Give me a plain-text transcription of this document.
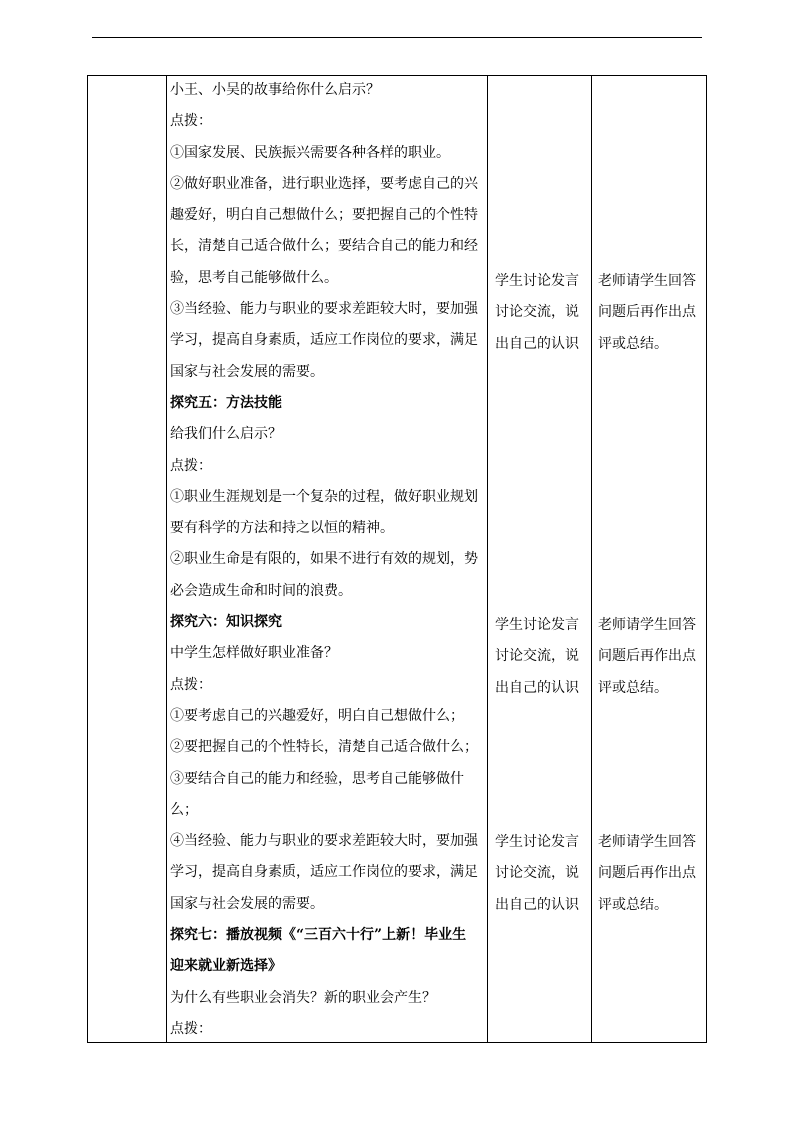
小王、小吴的故事给你什么启示？

点拨：

①国家发展、民族振兴需要各种各样的职业。

②做好职业准备，进行职业选择，要考虑自己的兴

趣爱好，明白自己想做什么；要把握自己的个性特

长，清楚自己适合做什么；要结合自己的能力和经

验，思考自己能够做什么。

③当经验、能力与职业的要求差距较大时，要加强

学习，提高自身素质，适应工作岗位的要求，满足

国家与社会发展的需要。

探究五：方法技能

给我们什么启示？

点拨：

①职业生涯规划是一个复杂的过程，做好职业规划

要有科学的方法和持之以恒的精神。

②职业生命是有限的，如果不进行有效的规划，势

必会造成生命和时间的浪费。

探究六：知识探究

中学生怎样做好职业准备？

点拨：

①要考虑自己的兴趣爱好，明白自己想做什么；

②要把握自己的个性特长，清楚自己适合做什么；

③要结合自己的能力和经验，思考自己能够做什

么；

④当经验、能力与职业的要求差距较大时，要加强

学习，提高自身素质，适应工作岗位的要求，满足

国家与社会发展的需要。

探究七：播放视频《“三百六十行”上新！毕业生

迎来就业新选择》

为什么有些职业会消失？新的职业会产生？

点拨：

学生讨论发言

讨论交流，说

出自己的认识

学生讨论发言

讨论交流，说

出自己的认识

学生讨论发言

讨论交流，说

出自己的认识

老师请学生回答

问题后再作出点

评或总结。

老师请学生回答

问题后再作出点

评或总结。

老师请学生回答

问题后再作出点

评或总结。
